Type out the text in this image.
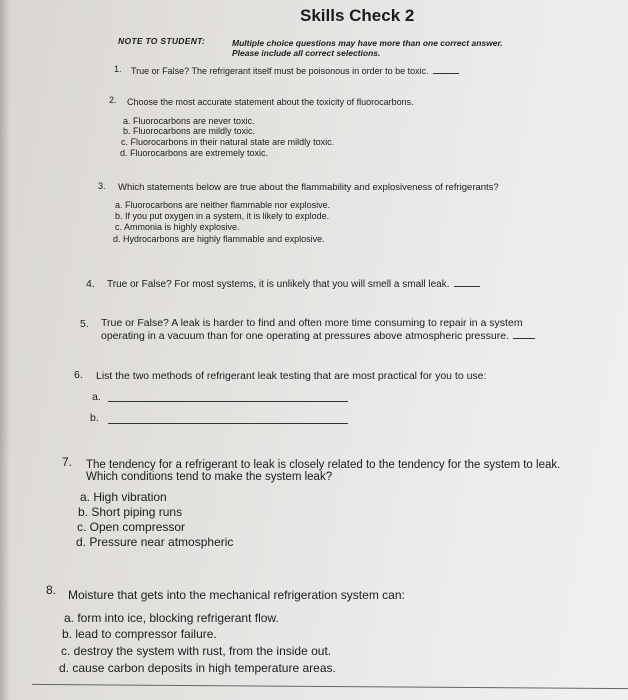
Skills Check 2
NOTE TO STUDENT:	Multiple choice questions may have more than one correct answer.
Please include all correct selections.
1. True or False? The refrigerant itself must be poisonous in order to be toxic.
2. Choose the most accurate statement about the toxicity of fluorocarbons.
a. Fluorocarbons are never toxic.
b. Fluorocarbons are mildly toxic.
c. Fluorocarbons in their natural state are mildly toxic.
d. Fluorocarbons are extremely toxic.
3. Which statements below are true about the flammability and explosiveness of refrigerants?
a. Fluorocarbons are neither flammable nor explosive.
b. If you put oxygen in a system, it is likely to explode.
c. Ammonia is highly explosive.
d. Hydrocarbons are highly flammable and explosive.
4. True or False? For most systems, it is unlikely that you will smell a small leak.
5. True or False? A leak is harder to find and often more time consuming to repair in a system
operating in a vacuum than for one operating at pressures above atmospheric pressure.
6. List the two methods of refrigerant leak testing that are most practical for you to use:
a.
b.
7. The tendency for a refrigerant to leak is closely related to the tendency for the system to leak.
Which conditions tend to make the system leak?
a. High vibration
b. Short piping runs
c. Open compressor
d. Pressure near atmospheric
8. Moisture that gets into the mechanical refrigeration system can:
a. form into ice, blocking refrigerant flow.
b. lead to compressor failure.
c. destroy the system with rust, from the inside out.
d. cause carbon deposits in high temperature areas.
